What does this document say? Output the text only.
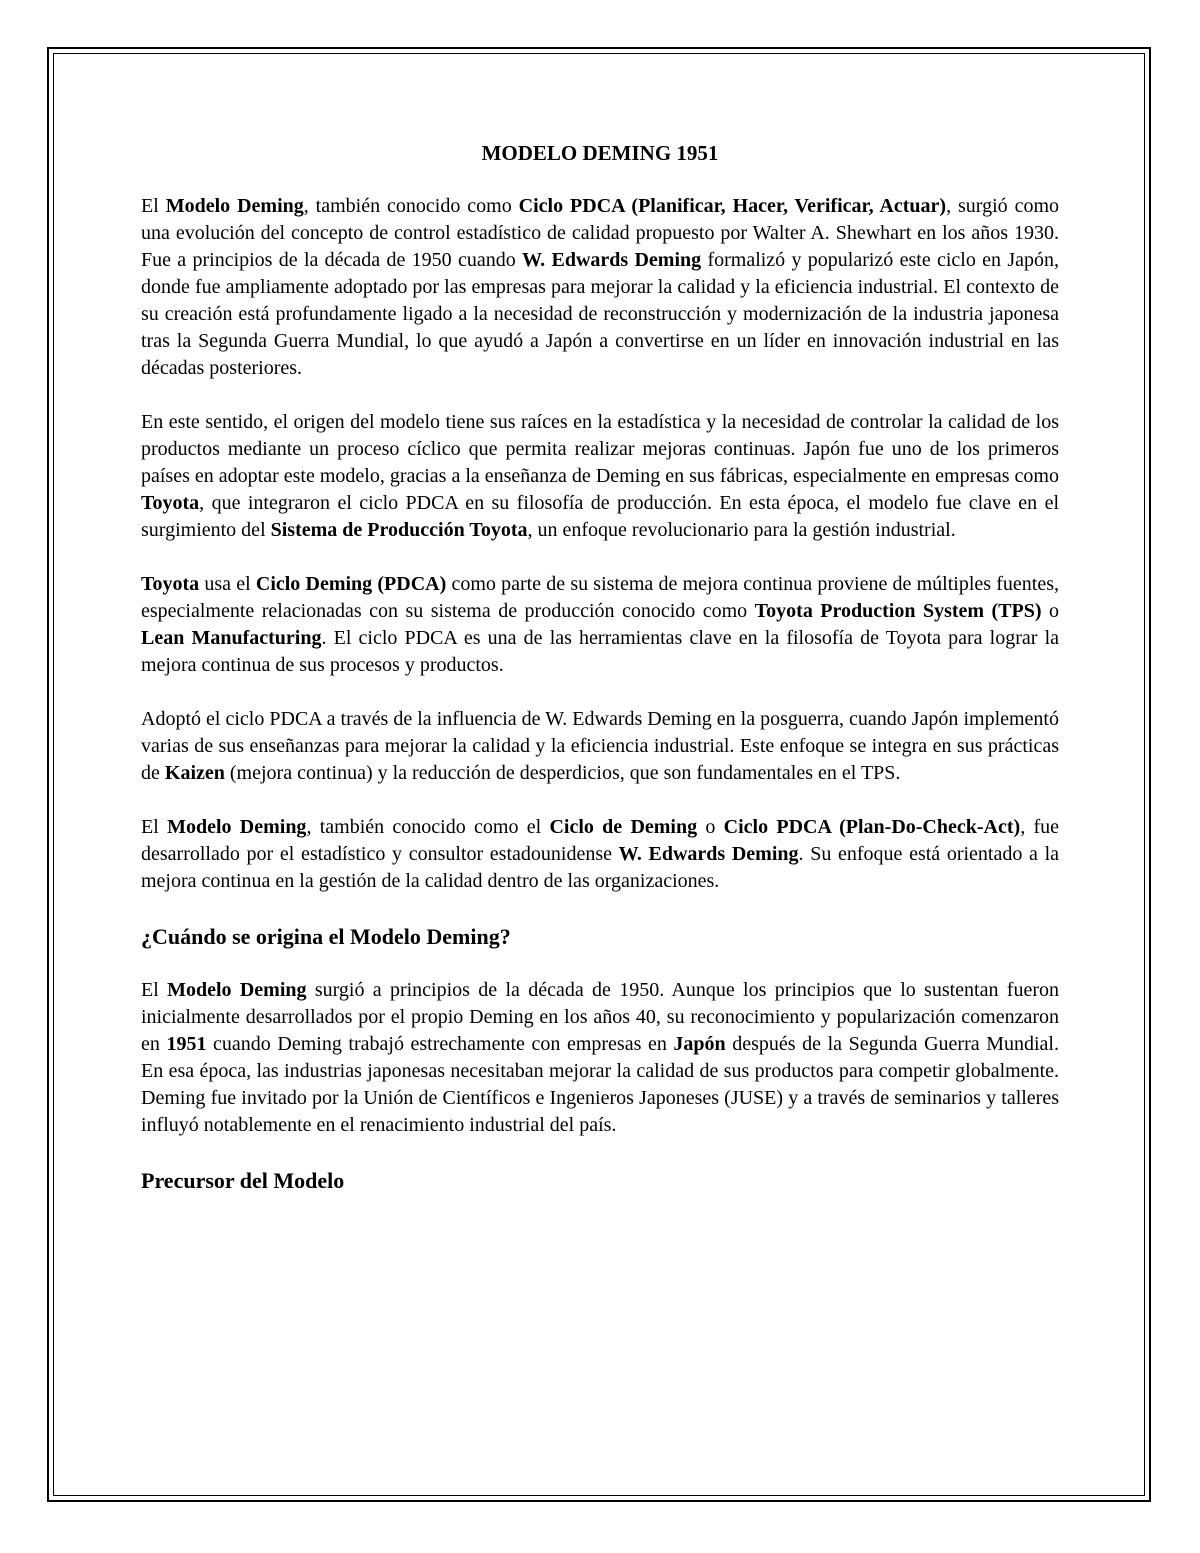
MODELO DEMING 1951

El Modelo Deming, también conocido como Ciclo PDCA (Planificar, Hacer, Verificar, Actuar), surgió como una evolución del concepto de control estadístico de calidad propuesto por Walter A. Shewhart en los años 1930. Fue a principios de la década de 1950 cuando W. Edwards Deming formalizó y popularizó este ciclo en Japón, donde fue ampliamente adoptado por las empresas para mejorar la calidad y la eficiencia industrial. El contexto de su creación está profundamente ligado a la necesidad de reconstrucción y modernización de la industria japonesa tras la Segunda Guerra Mundial, lo que ayudó a Japón a convertirse en un líder en innovación industrial en las décadas posteriores.

En este sentido, el origen del modelo tiene sus raíces en la estadística y la necesidad de controlar la calidad de los productos mediante un proceso cíclico que permita realizar mejoras continuas. Japón fue uno de los primeros países en adoptar este modelo, gracias a la enseñanza de Deming en sus fábricas, especialmente en empresas como Toyota, que integraron el ciclo PDCA en su filosofía de producción. En esta época, el modelo fue clave en el surgimiento del Sistema de Producción Toyota, un enfoque revolucionario para la gestión industrial.

Toyota usa el Ciclo Deming (PDCA) como parte de su sistema de mejora continua proviene de múltiples fuentes, especialmente relacionadas con su sistema de producción conocido como Toyota Production System (TPS) o Lean Manufacturing. El ciclo PDCA es una de las herramientas clave en la filosofía de Toyota para lograr la mejora continua de sus procesos y productos.

Adoptó el ciclo PDCA a través de la influencia de W. Edwards Deming en la posguerra, cuando Japón implementó varias de sus enseñanzas para mejorar la calidad y la eficiencia industrial. Este enfoque se integra en sus prácticas de Kaizen (mejora continua) y la reducción de desperdicios, que son fundamentales en el TPS.

El Modelo Deming, también conocido como el Ciclo de Deming o Ciclo PDCA (Plan-Do-Check-Act), fue desarrollado por el estadístico y consultor estadounidense W. Edwards Deming. Su enfoque está orientado a la mejora continua en la gestión de la calidad dentro de las organizaciones.

¿Cuándo se origina el Modelo Deming?

El Modelo Deming surgió a principios de la década de 1950. Aunque los principios que lo sustentan fueron inicialmente desarrollados por el propio Deming en los años 40, su reconocimiento y popularización comenzaron en 1951 cuando Deming trabajó estrechamente con empresas en Japón después de la Segunda Guerra Mundial. En esa época, las industrias japonesas necesitaban mejorar la calidad de sus productos para competir globalmente. Deming fue invitado por la Unión de Científicos e Ingenieros Japoneses (JUSE) y a través de seminarios y talleres influyó notablemente en el renacimiento industrial del país.

Precursor del Modelo
